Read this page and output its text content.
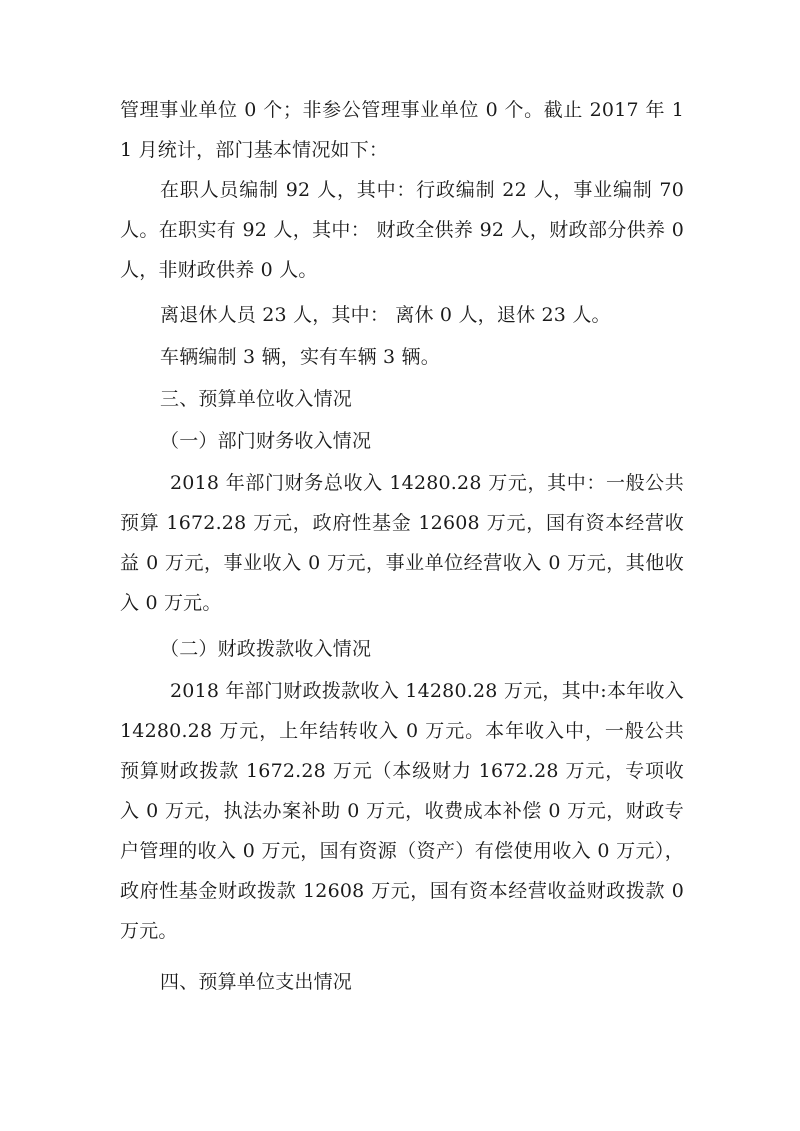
管理事业单位 0 个；非参公管理事业单位 0 个。截止 2017 年 11 月统计，部门基本情况如下：

在职人员编制 92 人，其中：行政编制 22 人，事业编制 70 人。在职实有 92 人，其中： 财政全供养 92 人，财政部分供养 0 人，非财政供养 0 人。

离退休人员 23 人，其中： 离休 0 人，退休 23 人。

车辆编制 3 辆，实有车辆 3 辆。

三、预算单位收入情况

（一）部门财务收入情况

2018 年部门财务总收入 14280.28 万元，其中：一般公共预算 1672.28 万元，政府性基金 12608 万元，国有资本经营收益 0 万元，事业收入 0 万元，事业单位经营收入 0 万元，其他收入 0 万元。

（二）财政拨款收入情况

2018 年部门财政拨款收入 14280.28 万元，其中:本年收入 14280.28 万元，上年结转收入 0 万元。本年收入中，一般公共预算财政拨款 1672.28 万元（本级财力 1672.28 万元，专项收入 0 万元，执法办案补助 0 万元，收费成本补偿 0 万元，财政专户管理的收入 0 万元，国有资源（资产）有偿使用收入 0 万元），政府性基金财政拨款 12608 万元，国有资本经营收益财政拨款 0 万元。

四、预算单位支出情况
